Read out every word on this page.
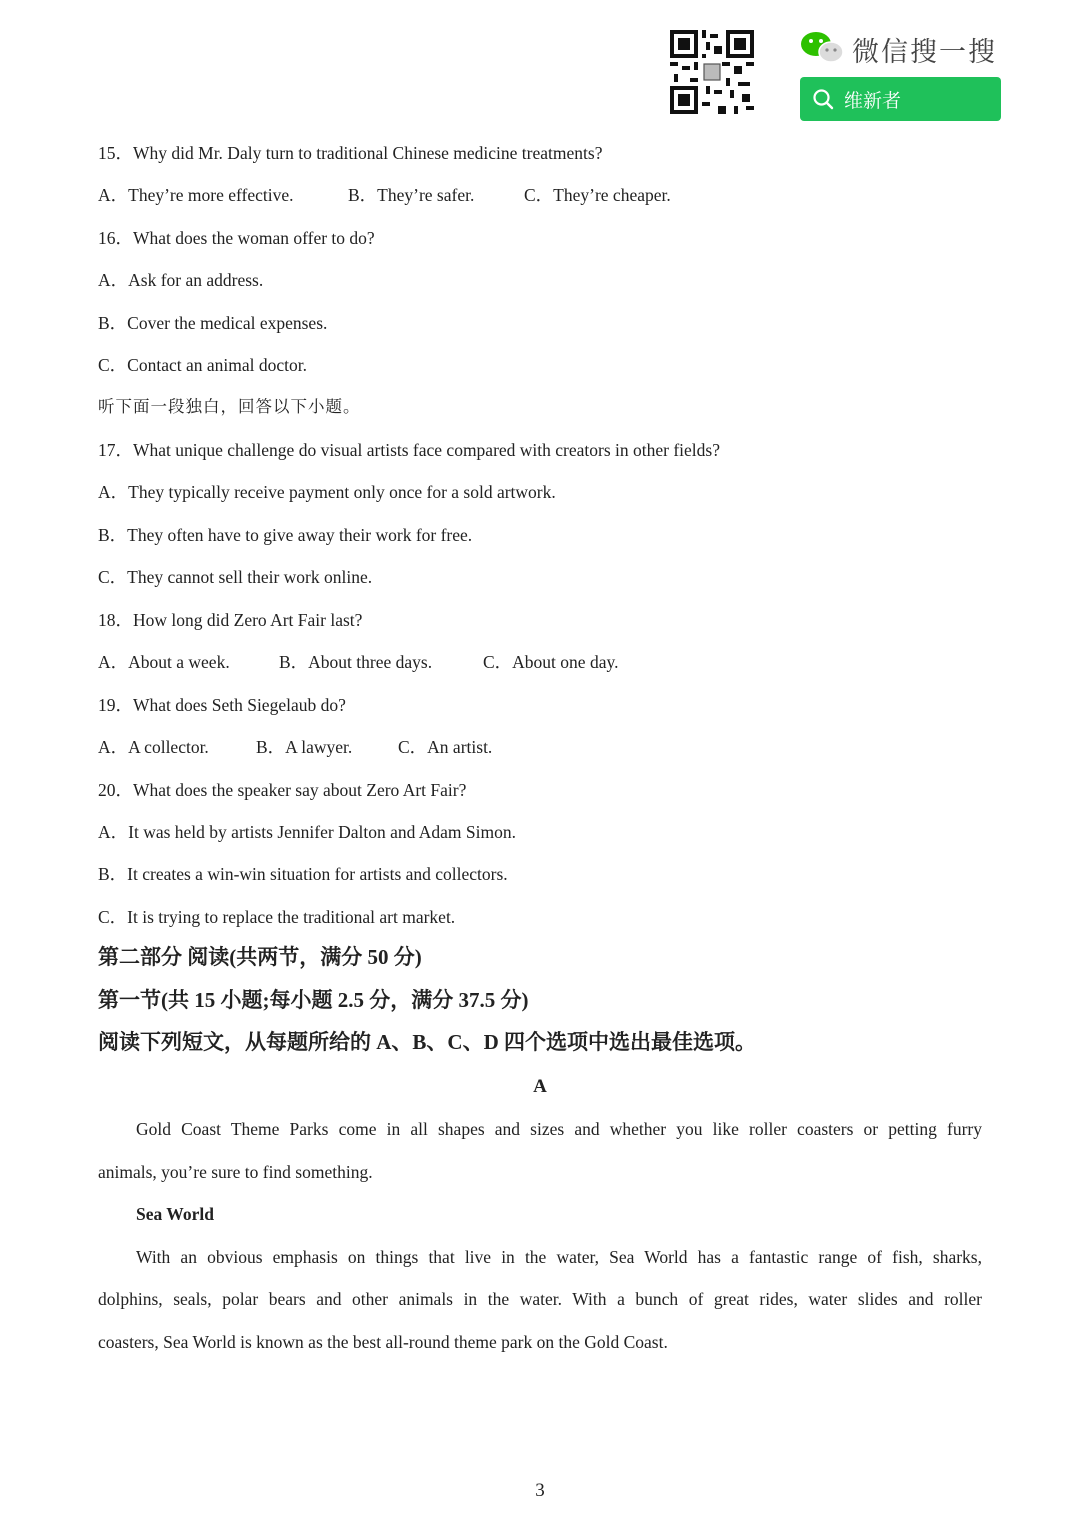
微信搜一搜
维新者
15．Why did Mr. Daly turn to traditional Chinese medicine treatments?
A．They’re more effective.	B．They’re safer.	C．They’re cheaper.
16．What does the woman offer to do?
A．Ask for an address.
B．Cover the medical expenses.
C．Contact an animal doctor.
听下面一段独白，回答以下小题。
17．What unique challenge do visual artists face compared with creators in other fields?
A．They typically receive payment only once for a sold artwork.
B．They often have to give away their work for free.
C．They cannot sell their work online.
18．How long did Zero Art Fair last?
A．About a week.	B．About three days.	C．About one day.
19．What does Seth Siegelaub do?
A．A collector.	B．A lawyer.	C．An artist.
20．What does the speaker say about Zero Art Fair?
A．It was held by artists Jennifer Dalton and Adam Simon.
B．It creates a win-win situation for artists and collectors.
C．It is trying to replace the traditional art market.
第二部分 阅读(共两节，满分 50 分)
第一节(共 15 小题;每小题 2.5 分，满分 37.5 分)
阅读下列短文，从每题所给的 A、B、C、D 四个选项中选出最佳选项。
A
Gold Coast Theme Parks come in all shapes and sizes and whether you like roller coasters or petting furry
animals, you’re sure to find something.
Sea World
With an obvious emphasis on things that live in the water, Sea World has a fantastic range of fish, sharks,
dolphins, seals, polar bears and other animals in the water. With a bunch of great rides, water slides and roller
coasters, Sea World is known as the best all-round theme park on the Gold Coast.
3
